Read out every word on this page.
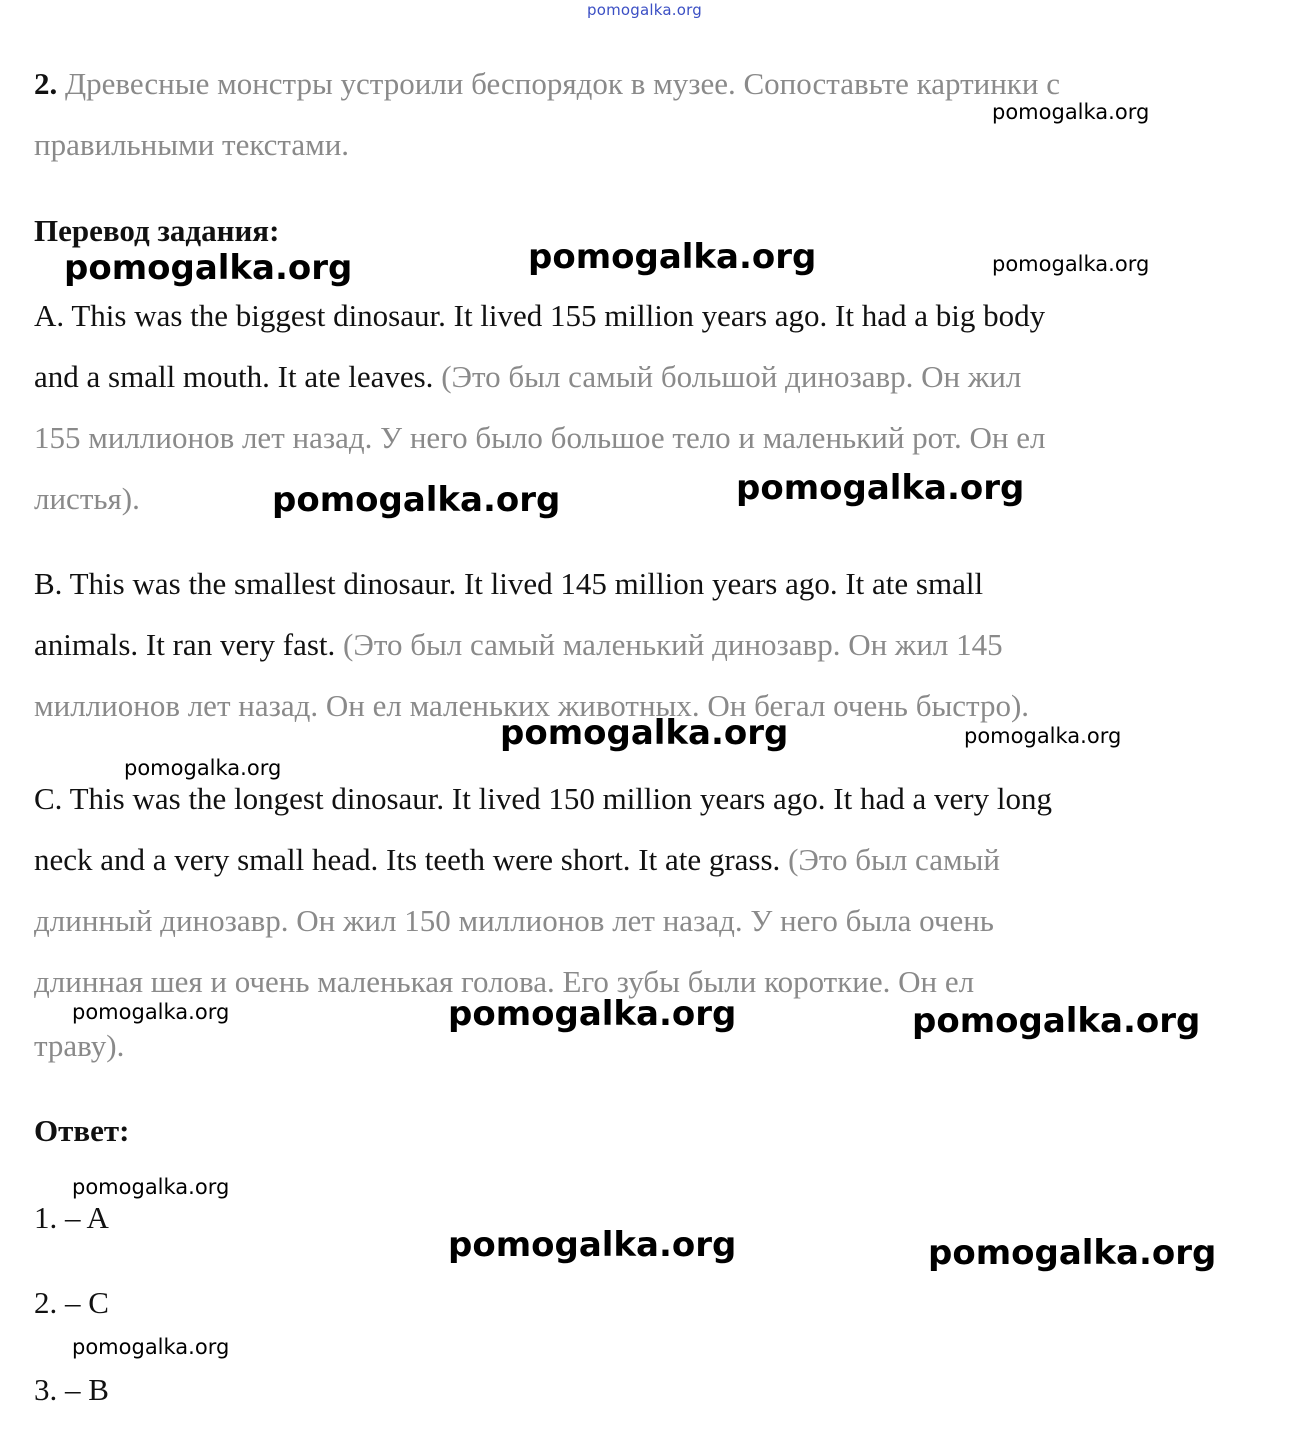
pomogalka.org
2. Древесные монстры устроили беспорядок в музее. Сопоставьте картинки с
правильными текстами.
Перевод задания:
A. This was the biggest dinosaur. It lived 155 million years ago. It had a big body
and a small mouth. It ate leaves. (Это был самый большой динозавр. Он жил
155 миллионов лет назад. У него было большое тело и маленький рот. Он ел
листья).
B. This was the smallest dinosaur. It lived 145 million years ago. It ate small
animals. It ran very fast. (Это был самый маленький динозавр. Он жил 145
миллионов лет назад. Он ел маленьких животных. Он бегал очень быстро).
C. This was the longest dinosaur. It lived 150 million years ago. It had a very long
neck and a very small head. Its teeth were short. It ate grass. (Это был самый
длинный динозавр. Он жил 150 миллионов лет назад. У него была очень
длинная шея и очень маленькая голова. Его зубы были короткие. Он ел
траву).
Ответ:
1. – A
2. – C
3. – B
pomogalka.org
pomogalka.org	pomogalka.org	pomogalka.org
pomogalka.org	pomogalka.org
pomogalka.org	pomogalka.org
pomogalka.org
pomogalka.org	pomogalka.org	pomogalka.org
pomogalka.org
pomogalka.org	pomogalka.org
pomogalka.org
